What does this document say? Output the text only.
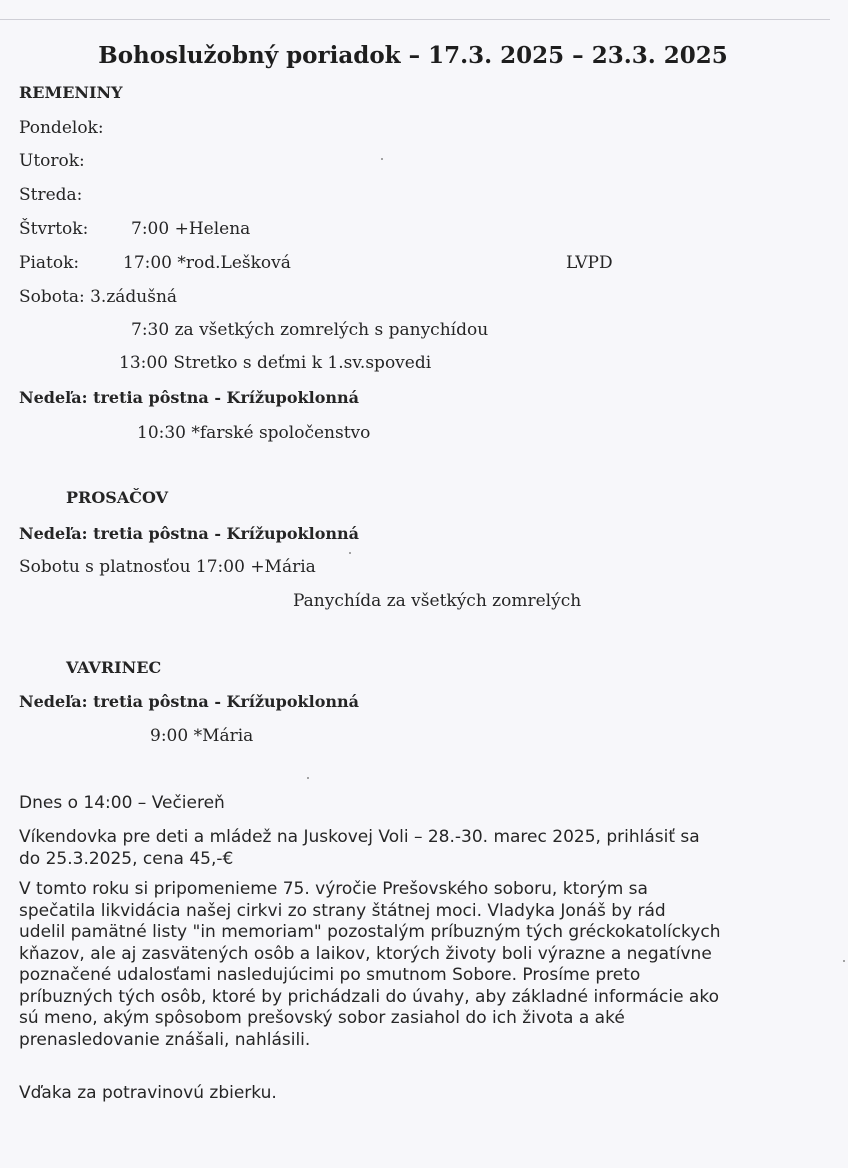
Bohoslužobný poriadok – 17.3. 2025 – 23.3. 2025
REMENINY
Pondelok:
Utorok:
Streda:
Štvrtok:	7:00 +Helena
Piatok:	17:00 *rod.Lešková	LVPD
Sobota: 3.zádušná
7:30 za všetkých zomrelých s panychídou
13:00 Stretko s deťmi k 1.sv.spovedi
Nedeľa: tretia pôstna - Krížupoklonná
10:30 *farské spoločenstvo
PROSAČOV
Nedeľa: tretia pôstna - Krížupoklonná
Sobotu s platnosťou 17:00 +Mária
Panychída za všetkých zomrelých
VAVRINEC
Nedeľa: tretia pôstna - Krížupoklonná
9:00 *Mária
Dnes o 14:00 – Večiereň
Víkendovka pre deti a mládež na Juskovej Voli – 28.-30. marec 2025, prihlásiť sa
do 25.3.2025, cena 45,-€
V tomto roku si pripomenieme 75. výročie Prešovského soboru, ktorým sa
spečatila likvidácia našej cirkvi zo strany štátnej moci. Vladyka Jonáš by rád
udelil pamätné listy "in memoriam" pozostalým príbuzným tých gréckokatolíckych
kňazov, ale aj zasvätených osôb a laikov, ktorých životy boli výrazne a negatívne
poznačené udalosťami nasledujúcimi po smutnom Sobore. Prosíme preto
príbuzných tých osôb, ktoré by prichádzali do úvahy, aby základné informácie ako
sú meno, akým spôsobom prešovský sobor zasiahol do ich života a aké
prenasledovanie znášali, nahlásili.
Vďaka za potravinovú zbierku.
